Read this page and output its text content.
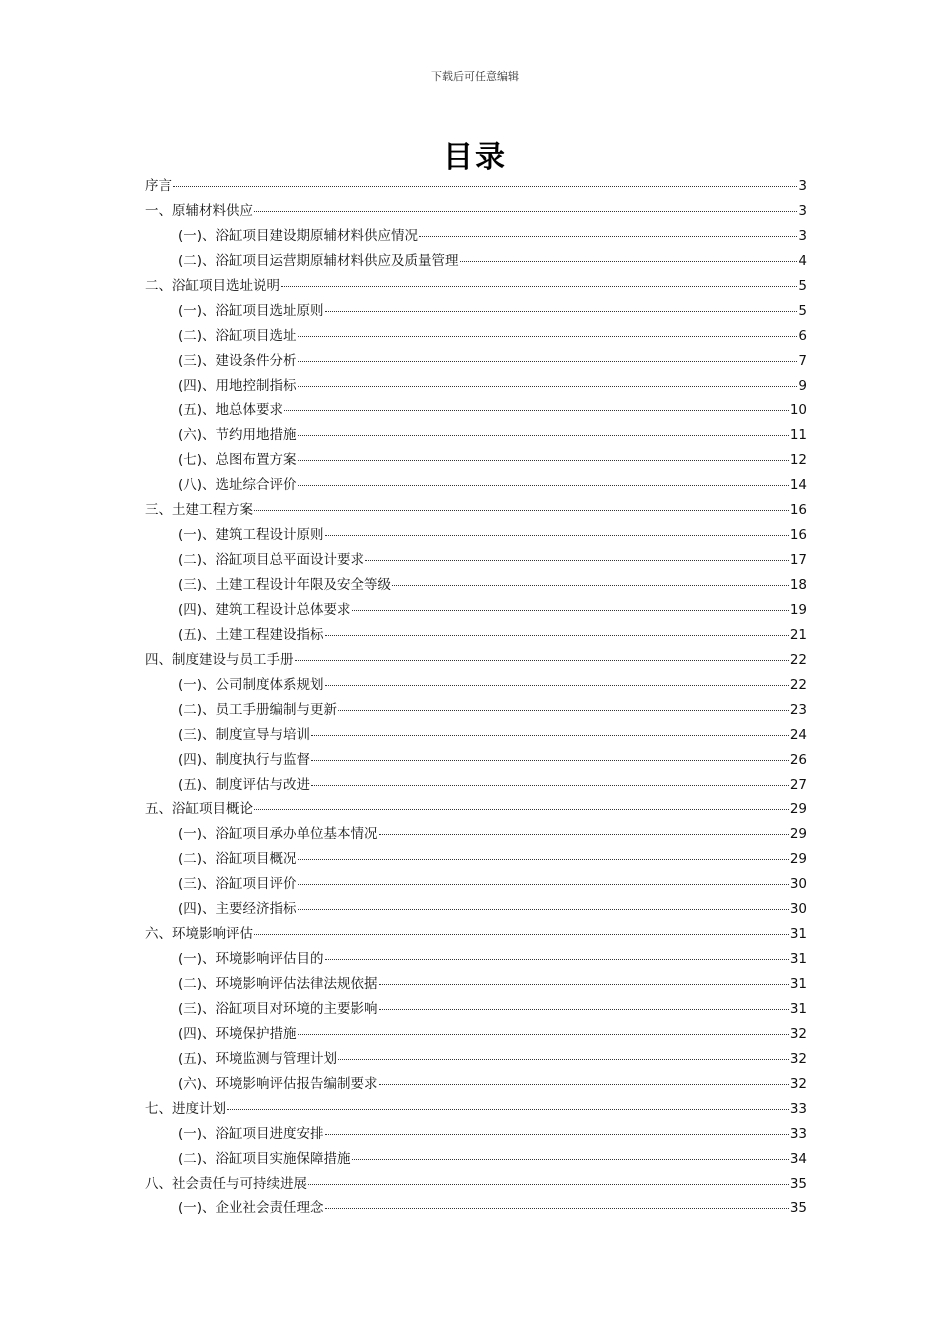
下载后可任意编辑
目录
序言	3
一、原辅材料供应	3
(一)、浴缸项目建设期原辅材料供应情况	3
(二)、浴缸项目运营期原辅材料供应及质量管理	4
二、浴缸项目选址说明	5
(一)、浴缸项目选址原则	5
(二)、浴缸项目选址	6
(三)、建设条件分析	7
(四)、用地控制指标	9
(五)、地总体要求	10
(六)、节约用地措施	11
(七)、总图布置方案	12
(八)、选址综合评价	14
三、土建工程方案	16
(一)、建筑工程设计原则	16
(二)、浴缸项目总平面设计要求	17
(三)、土建工程设计年限及安全等级	18
(四)、建筑工程设计总体要求	19
(五)、土建工程建设指标	21
四、制度建设与员工手册	22
(一)、公司制度体系规划	22
(二)、员工手册编制与更新	23
(三)、制度宣导与培训	24
(四)、制度执行与监督	26
(五)、制度评估与改进	27
五、浴缸项目概论	29
(一)、浴缸项目承办单位基本情况	29
(二)、浴缸项目概况	29
(三)、浴缸项目评价	30
(四)、主要经济指标	30
六、环境影响评估	31
(一)、环境影响评估目的	31
(二)、环境影响评估法律法规依据	31
(三)、浴缸项目对环境的主要影响	31
(四)、环境保护措施	32
(五)、环境监测与管理计划	32
(六)、环境影响评估报告编制要求	32
七、进度计划	33
(一)、浴缸项目进度安排	33
(二)、浴缸项目实施保障措施	34
八、社会责任与可持续进展	35
(一)、企业社会责任理念	35
